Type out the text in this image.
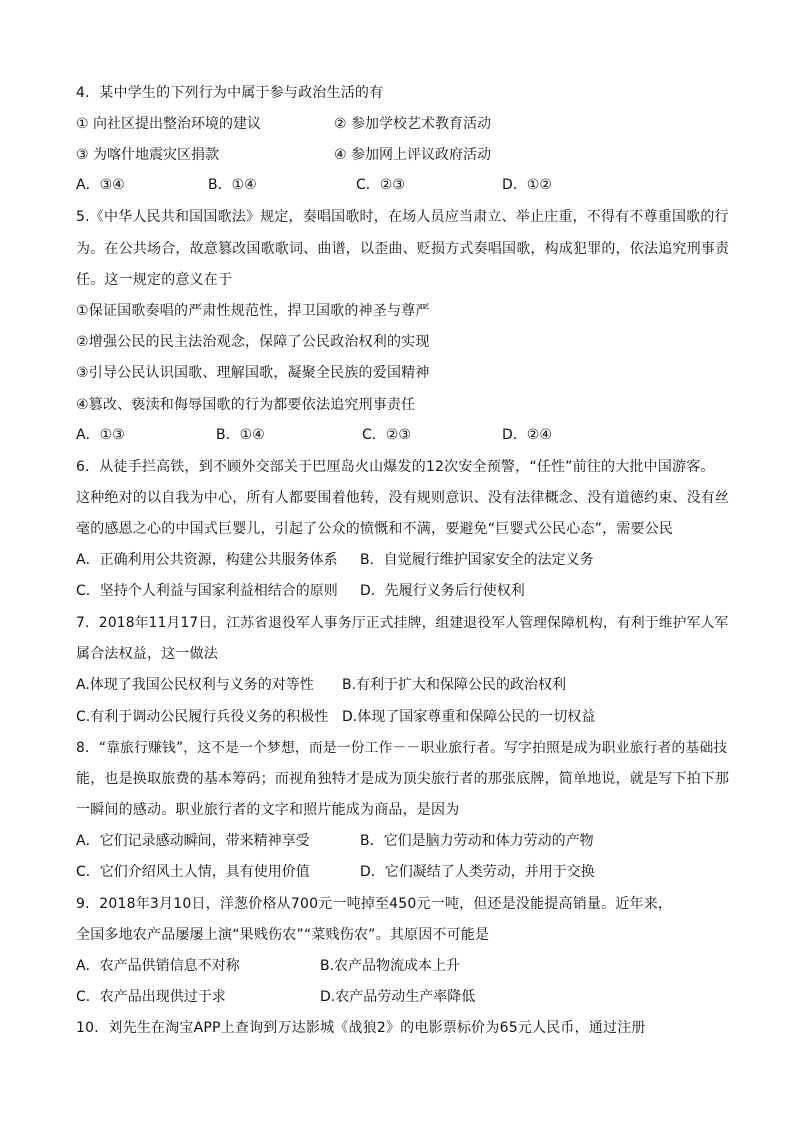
4．某中学生的下列行为中属于参与政治生活的有
① 向社区提出整治环境的建议	② 参加学校艺术教育活动
③ 为喀什地震灾区捐款	④ 参加网上评议政府活动
A．③④	B．①④	C．②③	D．①②
5.《中华人民共和国国歌法》规定，奏唱国歌时，在场人员应当肃立、举止庄重，不得有不尊重国歌的行
为。在公共场合，故意篡改国歌歌词、曲谱，以歪曲、贬损方式奏唱国歌，构成犯罪的，依法追究刑事责
任。这一规定的意义在于
①保证国歌奏唱的严肃性规范性，捍卫国歌的神圣与尊严
②增强公民的民主法治观念，保障了公民政治权利的实现
③引导公民认识国歌、理解国歌，凝聚全民族的爱国精神
④篡改、亵渎和侮辱国歌的行为都要依法追究刑事责任
A．①③	B．①④	C．②③	D．②④
6．从徒手拦高铁，到不顾外交部关于巴厘岛火山爆发的12次安全预警，“任性”前往的大批中国游客。
这种绝对的以自我为中心，所有人都要围着他转，没有规则意识、没有法律概念、没有道德约束、没有丝
毫的感恩之心的中国式巨婴儿，引起了公众的愤慨和不满，要避免“巨婴式公民心态”，需要公民
A．正确利用公共资源，构建公共服务体系 B．自觉履行维护国家安全的法定义务
C．坚持个人利益与国家利益相结合的原则 D．先履行义务后行使权利
7．2018年11月17日，江苏省退役军人事务厅正式挂牌，组建退役军人管理保障机构，有利于维护军人军
属合法权益，这一做法
A.体现了我国公民权利与义务的对等性 B.有利于扩大和保障公民的政治权利
C.有利于调动公民履行兵役义务的积极性 D.体现了国家尊重和保障公民的一切权益
8．“靠旅行赚钱”，这不是一个梦想，而是一份工作－－职业旅行者。写字拍照是成为职业旅行者的基础技
能，也是换取旅费的基本筹码；而视角独特才是成为顶尖旅行者的那张底牌，简单地说，就是写下拍下那
一瞬间的感动。职业旅行者的文字和照片能成为商品，是因为
A．它们记录感动瞬间，带来精神享受	B．它们是脑力劳动和体力劳动的产物
C．它们介绍风土人情，具有使用价值	D．它们凝结了人类劳动，并用于交换
9．2018年3月10日，洋葱价格从700元一吨掉至450元一吨，但还是没能提高销量。近年来，
全国多地农产品屡屡上演“果贱伤农”“菜贱伤农”。其原因不可能是
A．农产品供销信息不对称	B.农产品物流成本上升
C．农产品出现供过于求	D.农产品劳动生产率降低
10．刘先生在淘宝APP上查询到万达影城《战狼2》的电影票标价为65元人民币，通过注册
